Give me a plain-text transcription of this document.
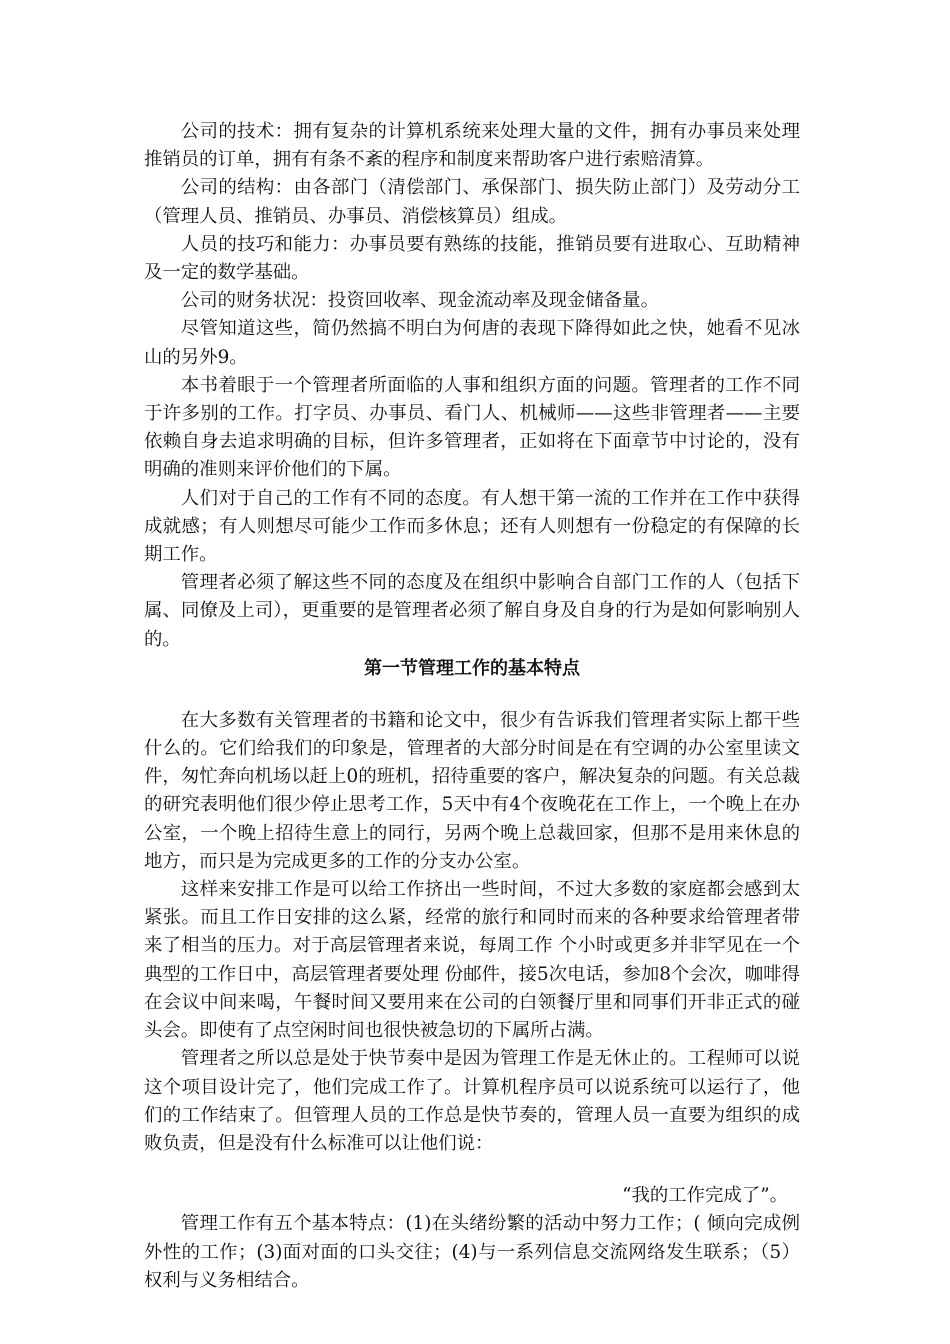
公司的技术：拥有复杂的计算机系统来处理大量的文件，拥有办事员来处理推销员的订单，拥有有条不紊的程序和制度来帮助客户进行索赔清算。

公司的结构：由各部门（清偿部门、承保部门、损失防止部门）及劳动分工（管理人员、推销员、办事员、消偿核算员）组成。

人员的技巧和能力：办事员要有熟练的技能，推销员要有进取心、互助精神及一定的数学基础。

公司的财务状况：投资回收率、现金流动率及现金储备量。

尽管知道这些，简仍然搞不明白为何唐的表现下降得如此之快，她看不见冰山的另外9。

本书着眼于一个管理者所面临的人事和组织方面的问题。管理者的工作不同于许多别的工作。打字员、办事员、看门人、机械师——这些非管理者——主要依赖自身去追求明确的目标，但许多管理者，正如将在下面章节中讨论的，没有明确的准则来评价他们的下属。

人们对于自己的工作有不同的态度。有人想干第一流的工作并在工作中获得成就感；有人则想尽可能少工作而多休息；还有人则想有一份稳定的有保障的长期工作。

管理者必须了解这些不同的态度及在组织中影响合自部门工作的人（包括下属、同僚及上司），更重要的是管理者必须了解自身及自身的行为是如何影响别人的。

第一节管理工作的基本特点

在大多数有关管理者的书籍和论文中，很少有告诉我们管理者实际上都干些什么的。它们给我们的印象是，管理者的大部分时间是在有空调的办公室里读文件，匆忙奔向机场以赶上0的班机，招待重要的客户，解决复杂的问题。有关总裁的研究表明他们很少停止思考工作，5天中有4个夜晚花在工作上，一个晚上在办公室，一个晚上招待生意上的同行，另两个晚上总裁回家，但那不是用来休息的地方，而只是为完成更多的工作的分支办公室。

这样来安排工作是可以给工作挤出一些时间，不过大多数的家庭都会感到太紧张。而且工作日安排的这么紧，经常的旅行和同时而来的各种要求给管理者带来了相当的压力。对于高层管理者来说，每周工作 个小时或更多并非罕见在一个典型的工作日中，高层管理者要处理 份邮件，接5次电话，参加8个会次，咖啡得在会议中间来喝，午餐时间又要用来在公司的白领餐厅里和同事们开非正式的碰头会。即使有了点空闲时间也很快被急切的下属所占满。

管理者之所以总是处于快节奏中是因为管理工作是无休止的。工程师可以说这个项目设计完了，他们完成工作了。计算机程序员可以说系统可以运行了，他们的工作结束了。但管理人员的工作总是快节奏的，管理人员一直要为组织的成败负责，但是没有什么标准可以让他们说：

“我的工作完成了”。

管理工作有五个基本特点：(1)在头绪纷繁的活动中努力工作；( 倾向完成例外性的工作；(3)面对面的口头交往；(4)与一系列信息交流网络发生联系；（5）权利与义务相结合。
